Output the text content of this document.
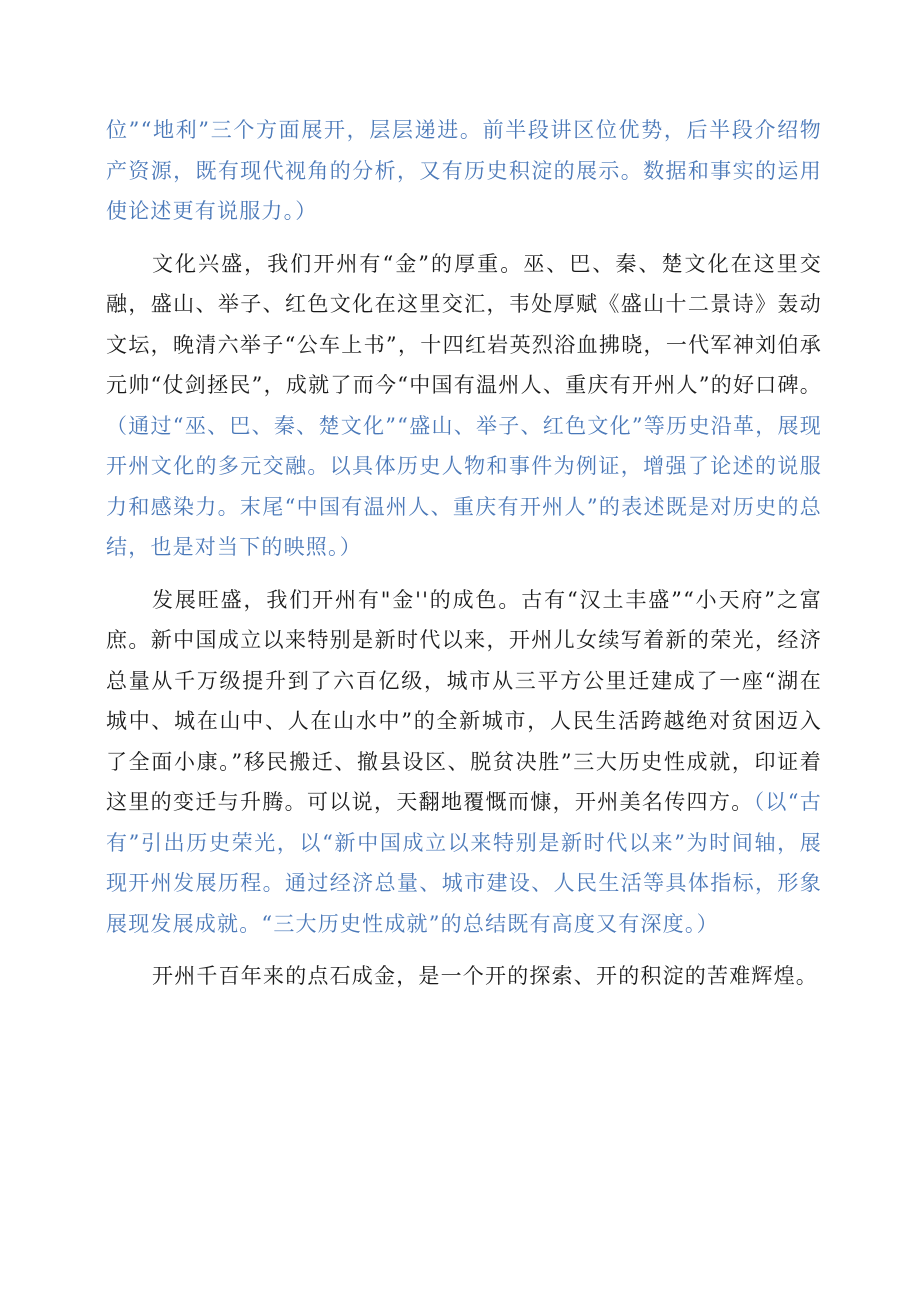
位”“地利”三个方面展开，层层递进。前半段讲区位优势，后半段介绍物产资源，既有现代视角的分析，又有历史积淀的展示。数据和事实的运用使论述更有说服力。）

文化兴盛，我们开州有“金”的厚重。巫、巴、秦、楚文化在这里交融，盛山、举子、红色文化在这里交汇，韦处厚赋《盛山十二景诗》轰动文坛，晚清六举子“公车上书”，十四红岩英烈浴血拂晓，一代军神刘伯承元帅“仗剑拯民”，成就了而今“中国有温州人、重庆有开州人”的好口碑。（通过“巫、巴、秦、楚文化”“盛山、举子、红色文化”等历史沿革，展现开州文化的多元交融。以具体历史人物和事件为例证，增强了论述的说服力和感染力。末尾“中国有温州人、重庆有开州人”的表述既是对历史的总结，也是对当下的映照。）

发展旺盛，我们开州有"金''的成色。古有“汉土丰盛”“小天府”之富庶。新中国成立以来特别是新时代以来，开州儿女续写着新的荣光，经济总量从千万级提升到了六百亿级，城市从三平方公里迁建成了一座“湖在城中、城在山中、人在山水中”的全新城市，人民生活跨越绝对贫困迈入了全面小康。”移民搬迁、撤县设区、脱贫决胜”三大历史性成就，印证着这里的变迁与升腾。可以说，天翻地覆慨而慷，开州美名传四方。（以“古有”引出历史荣光，以“新中国成立以来特别是新时代以来”为时间轴，展现开州发展历程。通过经济总量、城市建设、人民生活等具体指标，形象展现发展成就。“三大历史性成就”的总结既有高度又有深度。）

开州千百年来的点石成金，是一个开的探索、开的积淀的苦难辉煌。
